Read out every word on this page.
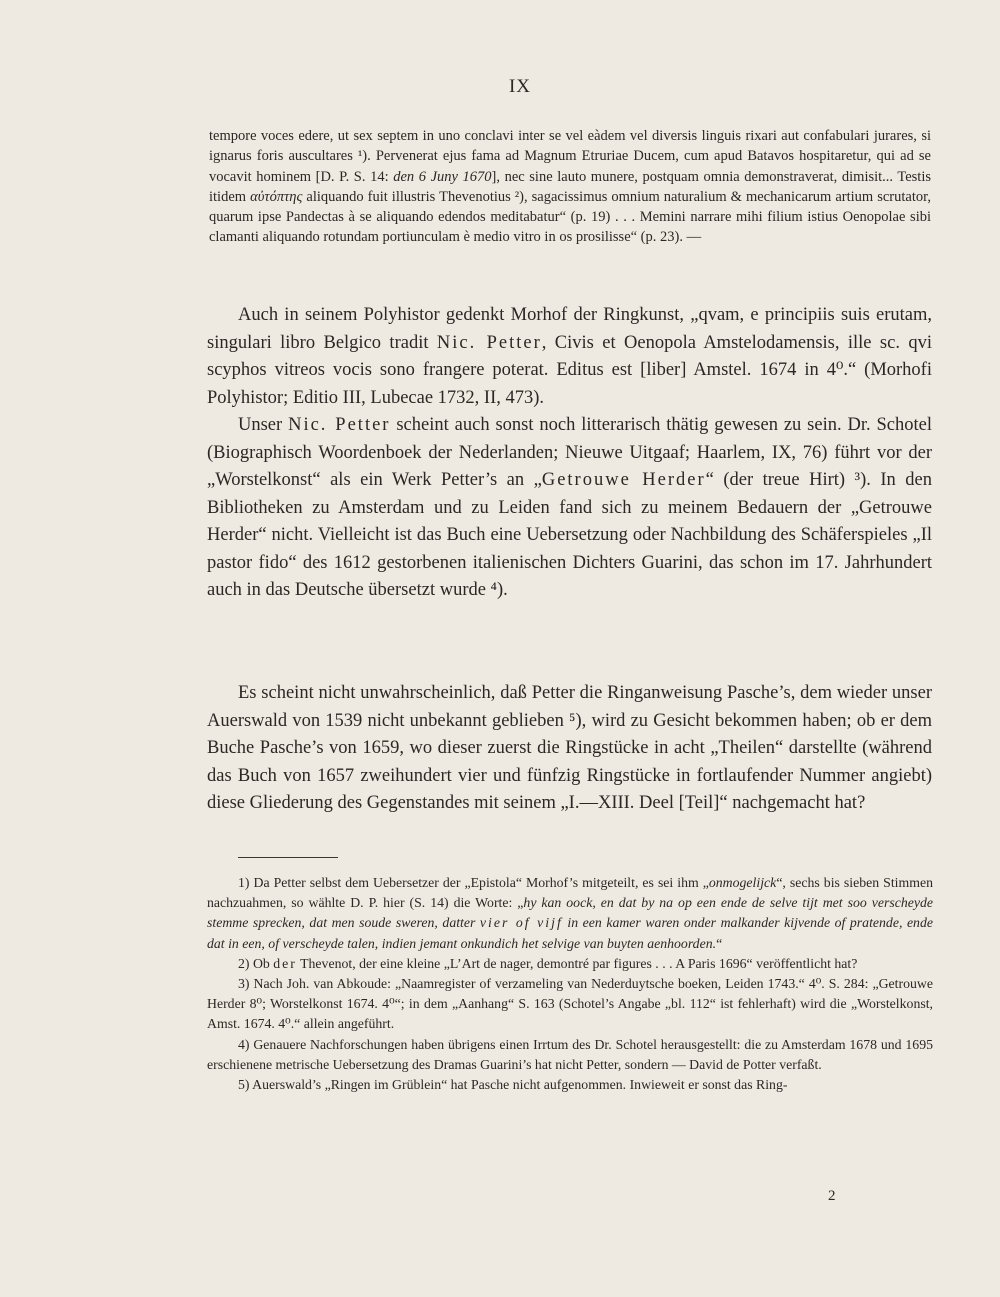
IX
tempore voces edere, ut sex septem in uno conclavi inter se vel eàdem vel diversis linguis rixari aut confabulari jurares, si ignarus foris auscultares ¹). Pervenerat ejus fama ad Magnum Etruriae Ducem, cum apud Batavos hospitaretur, qui ad se vocavit hominem [D. P. S. 14: den 6 Juny 1670], nec sine lauto munere, postquam omnia demonstraverat, dimisit... Testis itidem αὐτόπτης aliquando fuit illustris Thevenotius ²), sagacissimus omnium naturalium & mechanicarum artium scrutator, quarum ipse Pandectas à se aliquando edendos meditabatur“ (p. 19) . . . Memini narrare mihi filium istius Oenopolae sibi clamanti aliquando rotundam portiunculam è medio vitro in os prosilisse“ (p. 23). —

Auch in seinem Polyhistor gedenkt Morhof der Ringkunst, „qvam, e principiis suis erutam, singulari libro Belgico tradit Nic. Petter, Civis et Oenopola Amstelodamensis, ille sc. qvi scyphos vitreos vocis sono frangere poterat. Editus est [liber] Amstel. 1674 in 4⁰.“ (Morhofi Polyhistor; Editio III, Lubecae 1732, II, 473).

Unser Nic. Petter scheint auch sonst noch litterarisch thätig gewesen zu sein. Dr. Schotel (Biographisch Woordenboek der Nederlanden; Nieuwe Uitgaaf; Haarlem, IX, 76) führt vor der „Worstelkonst“ als ein Werk Petter’s an „Getrouwe Herder“ (der treue Hirt) ³). In den Bibliotheken zu Amsterdam und zu Leiden fand sich zu meinem Bedauern der „Getrouwe Herder“ nicht. Vielleicht ist das Buch eine Uebersetzung oder Nachbildung des Schäferspieles „Il pastor fido“ des 1612 gestorbenen italienischen Dichters Guarini, das schon im 17. Jahrhundert auch in das Deutsche übersetzt wurde ⁴).

Es scheint nicht unwahrscheinlich, daß Petter die Ringanweisung Pasche’s, dem wieder unser Auerswald von 1539 nicht unbekannt geblieben ⁵), wird zu Gesicht bekommen haben; ob er dem Buche Pasche’s von 1659, wo dieser zuerst die Ringstücke in acht „Theilen“ darstellte (während das Buch von 1657 zweihundert vier und fünfzig Ringstücke in fortlaufender Nummer angiebt) diese Gliederung des Gegenstandes mit seinem „I.—XIII. Deel [Teil]“ nachgemacht hat?

1) Da Petter selbst dem Uebersetzer der „Epistola“ Morhof’s mitgeteilt, es sei ihm „onmogelijck“, sechs bis sieben Stimmen nachzuahmen, so wählte D. P. hier (S. 14) die Worte: „hy kan oock, en dat by na op een ende de selve tijt met soo verscheyde stemme sprecken, dat men soude sweren, datter vier of vijf in een kamer waren onder malkander kijvende of pratende, ende dat in een, of verscheyde talen, indien jemant onkundich het selvige van buyten aenhoorden.“

2) Ob der Thevenot, der eine kleine „L’Art de nager, demontré par figures . . . A Paris 1696“ veröffentlicht hat?

3) Nach Joh. van Abkoude: „Naamregister of verzameling van Nederduytsche boeken, Leiden 1743.“ 4⁰. S. 284: „Getrouwe Herder 8⁰; Worstelkonst 1674. 4⁰“; in dem „Aanhang“ S. 163 (Schotel’s Angabe „bl. 112“ ist fehlerhaft) wird die „Worstelkonst, Amst. 1674. 4⁰.“ allein angeführt.

4) Genauere Nachforschungen haben übrigens einen Irrtum des Dr. Schotel herausgestellt: die zu Amsterdam 1678 und 1695 erschienene metrische Uebersetzung des Dramas Guarini’s hat nicht Petter, sondern — David de Potter verfaßt.

5) Auerswald’s „Ringen im Grüblein“ hat Pasche nicht aufgenommen. Inwieweit er sonst das Ring-

2
